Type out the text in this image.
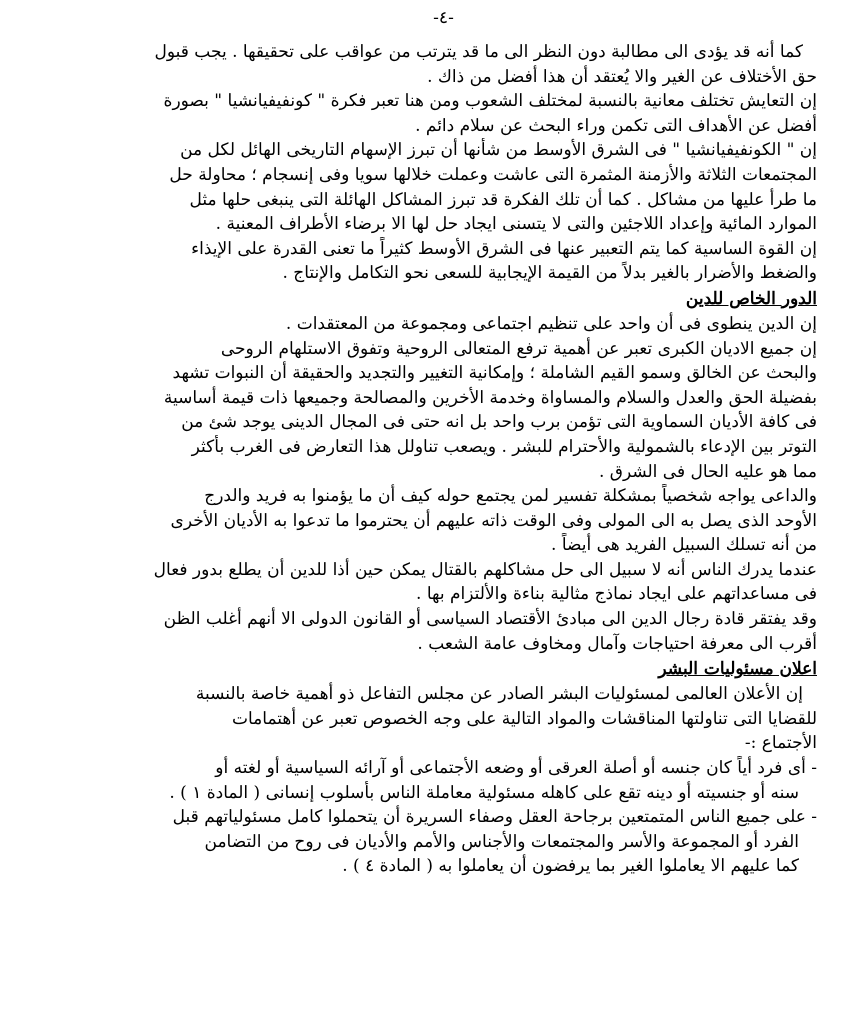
-٤-
كما أنه قد يؤدى الى مطالبة دون النظر الى ما قد يترتب من عواقب على تحقيقها . يجب قبول
حق الأختلاف عن الغير والا يُعتقد أن هذا أفضل من ذاك .
إن التعايش تختلف معانية بالنسبة لمختلف الشعوب ومن هنا تعبر فكرة " كونفيفيانشيا " بصورة
أفضل عن الأهداف التى تكمن وراء البحث عن سلام دائم .
إن " الكونفيفيانشيا " فى الشرق الأوسط من شأنها أن تبرز الإسهام التاريخى الهائل لكل من
المجتمعات الثلاثة والأزمنة المثمرة التى عاشت وعملت خلالها سويا وفى إنسجام ؛ محاولة حل
ما طرأ عليها من مشاكل . كما أن تلك الفكرة قد تبرز المشاكل الهائلة التى ينبغى حلها مثل
الموارد المائية وإعداد اللاجئين والتى لا يتسنى ايجاد حل لها الا برضاء الأطراف المعنية .
إن القوة الساسية كما يتم التعبير عنها فى الشرق الأوسط كثيراً ما تعنى القدرة على الإيذاء
والضغط والأضرار بالغير بدلاً من القيمة الإيجابية للسعى نحو التكامل والإنتاج .
الدور الخاص للدين
إن الدين ينطوى فى أن واحد على تنظيم اجتماعى ومجموعة من المعتقدات .
إن جميع الاديان الكبرى تعبر عن أهمية ترفع المتعالى الروحية وتفوق الاستلهام الروحى
والبحث عن الخالق وسمو القيم الشاملة ؛ وإمكانية التغيير والتجديد والحقيقة أن النبوات تشهد
بفضيلة الحق والعدل والسلام والمساواة وخدمة الأخرين والمصالحة وجميعها ذات قيمة أساسية
فى كافة الأديان السماوية التى تؤمن برب واحد بل انه حتى فى المجال الدينى يوجد شئ من
التوتر بين الإدعاء بالشمولية والأحترام للبشر . ويصعب تناولل هذا التعارض فى الغرب بأكثر
مما هو عليه الحال فى الشرق .
والداعى يواجه شخصياً بمشكلة تفسير لمن يجتمع حوله كيف أن ما يؤمنوا به فريد والدرج
الأوحد الذى يصل به الى المولى وفى الوقت ذاته عليهم أن يحترموا ما تدعوا به الأديان الأخرى
من أنه تسلك السبيل الفريد هى أيضاً .
عندما يدرك الناس أنه لا سبيل الى حل مشاكلهم بالقتال يمكن حين أذا للدين أن يطلع بدور فعال
فى مساعداتهم على ايجاد نماذج مثالية بناءة والألتزام بها .
وقد يفتقر قادة رجال الدين الى مبادئ الأقتصاد السياسى أو القانون الدولى الا أنهم أغلب الظن
أقرب الى معرفة احتياجات وآمال ومخاوف عامة الشعب .
اعلان مسئوليات البشر
إن الأعلان العالمى لمسئوليات البشر الصادر عن مجلس التفاعل ذو أهمية خاصة بالنسبة
للقضايا التى تناولتها المناقشات والمواد التالية على وجه الخصوص تعبر عن أهتمامات
الأجتماع :-
- أى فرد أياً كان جنسه أو أصلة العرقى أو وضعه الأجتماعى أو آرائه السياسية أو لغته أو
سنه أو جنسيته أو دينه تقع على كاهله مسئولية معاملة الناس بأسلوب إنسانى ( المادة ١ ) .
- على جميع الناس المتمتعين برجاحة العقل وصفاء السريرة أن يتحملوا كامل مسئولياتهم قبل
الفرد أو المجموعة والأسر والمجتمعات والأجناس والأمم والأديان فى روح من التضامن
كما عليهم الا يعاملوا الغير بما يرفضون أن يعاملوا به ( المادة ٤ ) .
